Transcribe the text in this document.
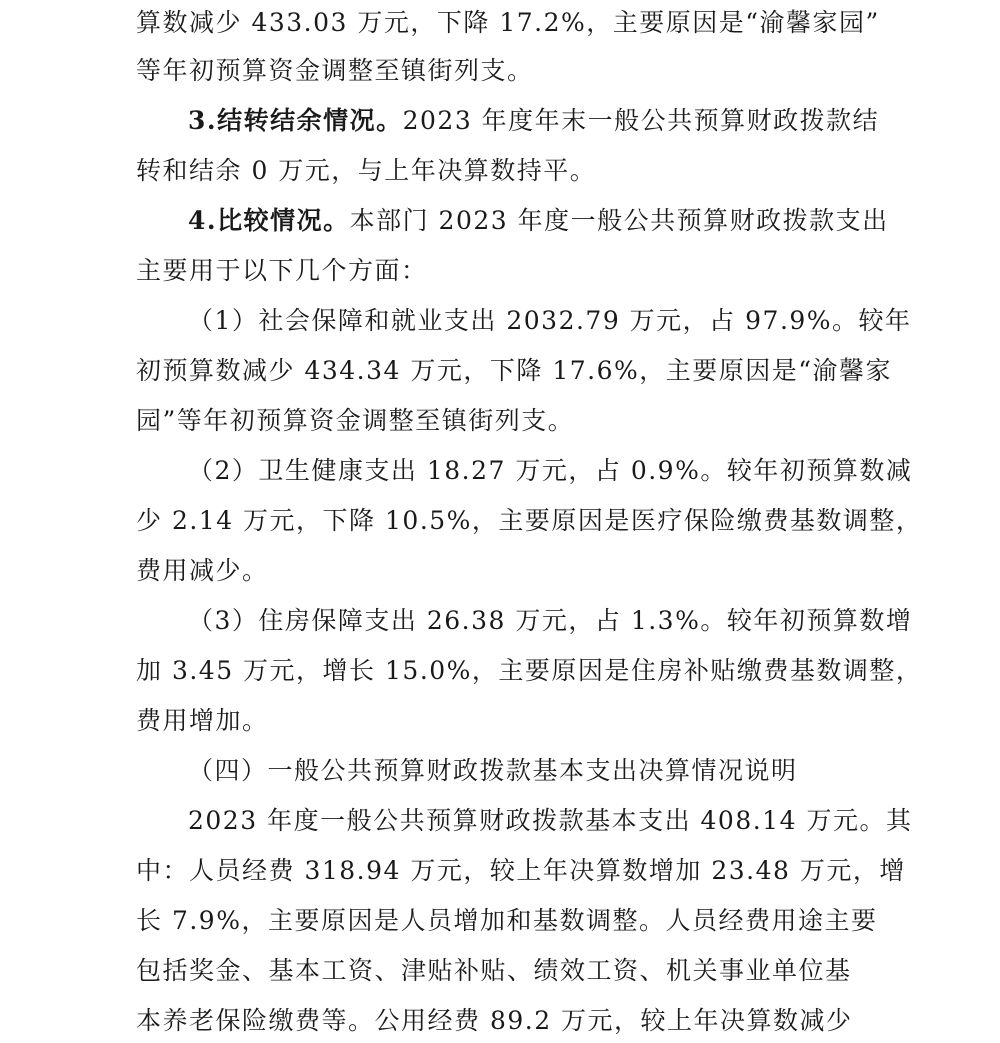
算数减少 433.03 万元，下降 17.2%，主要原因是“渝馨家园”
等年初预算资金调整至镇街列支。
3.结转结余情况。2023 年度年末一般公共预算财政拨款结
转和结余 0 万元，与上年决算数持平。
4.比较情况。本部门 2023 年度一般公共预算财政拨款支出
主要用于以下几个方面：
（1）社会保障和就业支出 2032.79 万元，占 97.9%。较年
初预算数减少 434.34 万元，下降 17.6%，主要原因是“渝馨家
园”等年初预算资金调整至镇街列支。
（2）卫生健康支出 18.27 万元，占 0.9%。较年初预算数减
少 2.14 万元，下降 10.5%，主要原因是医疗保险缴费基数调整，
费用减少。
（3）住房保障支出 26.38 万元，占 1.3%。较年初预算数增
加 3.45 万元，增长 15.0%，主要原因是住房补贴缴费基数调整，
费用增加。
（四）一般公共预算财政拨款基本支出决算情况说明
2023 年度一般公共预算财政拨款基本支出 408.14 万元。其
中：人员经费 318.94 万元，较上年决算数增加 23.48 万元，增
长 7.9%，主要原因是人员增加和基数调整。人员经费用途主要
包括奖金、基本工资、津贴补贴、绩效工资、机关事业单位基
本养老保险缴费等。公用经费 89.2 万元，较上年决算数减少
